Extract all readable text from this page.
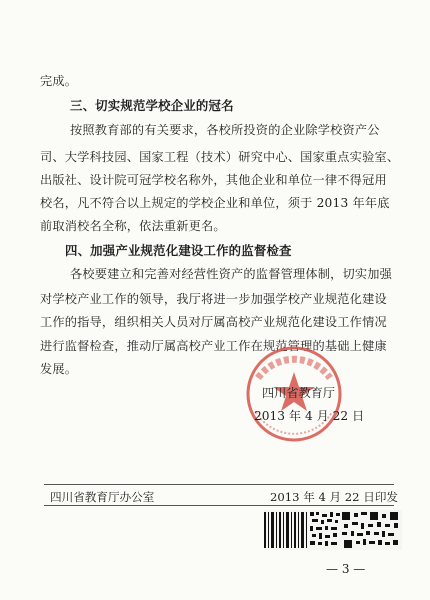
完成。
三、切实规范学校企业的冠名
按照教育部的有关要求，各校所投资的企业除学校资产公
司、大学科技园、国家工程（技术）研究中心、国家重点实验室、
出版社、设计院可冠学校名称外，其他企业和单位一律不得冠用
校名，凡不符合以上规定的学校企业和单位，须于 2013 年年底
前取消校名全称，依法重新更名。
四、加强产业规范化建设工作的监督检查
各校要建立和完善对经营性资产的监督管理体制，切实加强
对学校产业工作的领导，我厅将进一步加强学校产业规范化建设
工作的指导，组织相关人员对厅属高校产业规范化建设工作情况
进行监督检查，推动厅属高校产业工作在规范管理的基础上健康
发展。
四川省教育厅
2013 年 4 月 22 日
四川省教育厅办公室	2013 年 4 月 22 日印发
— 3 —
